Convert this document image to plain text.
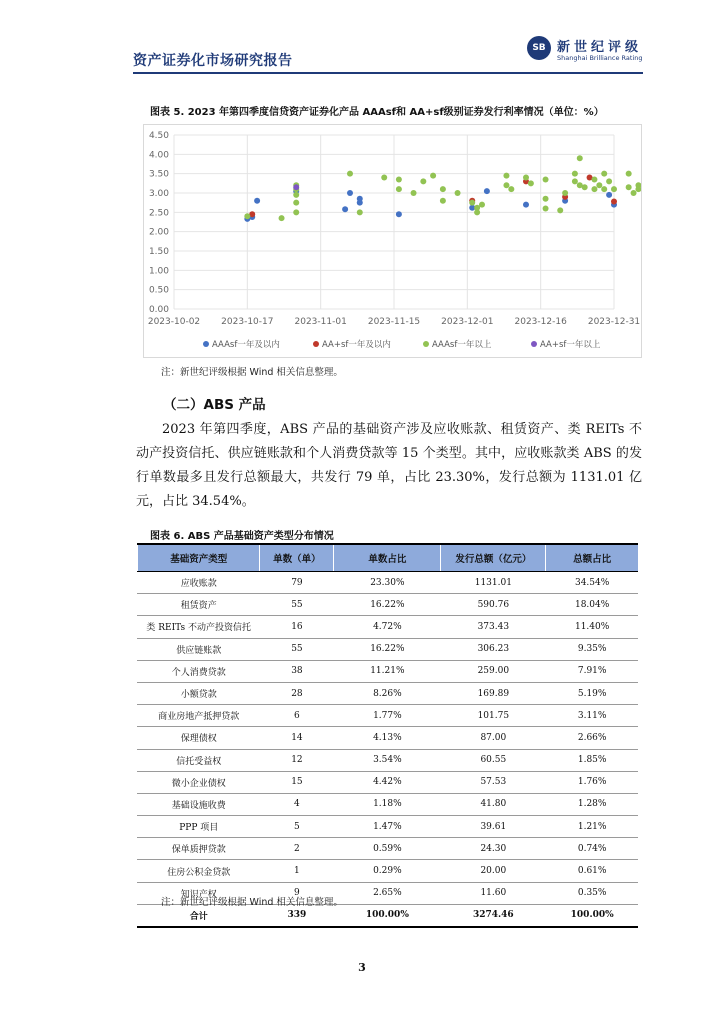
资产证券化市场研究报告
SB 新世纪评级
Shanghai Brilliance Rating
图表 5. 2023 年第四季度信贷资产证券化产品 AAAsf和 AA+sf级别证券发行利率情况（单位：%）
0.00
0.50
1.00
1.50
2.00
2.50
3.00
3.50
4.00
4.50
2023-10-02 2023-10-17 2023-11-01 2023-11-15 2023-12-01 2023-12-16 2023-12-31
AAAsf一年及以内	AA+sf一年及以内	AAAsf一年以上	AA+sf一年以上
注：新世纪评级根据 Wind 相关信息整理。
（二）ABS 产品
2023 年第四季度，ABS 产品的基础资产涉及应收账款、租赁资产、类 REITs 不动产投资信托、供应链账款和个人消费贷款等 15 个类型。其中，应收账款类 ABS 的发行单数最多且发行总额最大，共发行 79 单，占比 23.30%，发行总额为 1131.01 亿元，占比 34.54%。
图表 6. ABS 产品基础资产类型分布情况
基础资产类型	单数（单）	单数占比	发行总额（亿元）	总额占比
应收账款	79	23.30%	1131.01	34.54%
租赁资产	55	16.22%	590.76	18.04%
类 REITs 不动产投资信托	16	4.72%	373.43	11.40%
供应链账款	55	16.22%	306.23	9.35%
个人消费贷款	38	11.21%	259.00	7.91%
小额贷款	28	8.26%	169.89	5.19%
商业房地产抵押贷款	6	1.77%	101.75	3.11%
保理债权	14	4.13%	87.00	2.66%
信托受益权	12	3.54%	60.55	1.85%
微小企业债权	15	4.42%	57.53	1.76%
基础设施收费	4	1.18%	41.80	1.28%
PPP 项目	5	1.47%	39.61	1.21%
保单质押贷款	2	0.59%	24.30	0.74%
住房公积金贷款	1	0.29%	20.00	0.61%
知识产权	9	2.65%	11.60	0.35%
合计	339	100.00%	3274.46	100.00%
注：新世纪评级根据 Wind 相关信息整理。
3
